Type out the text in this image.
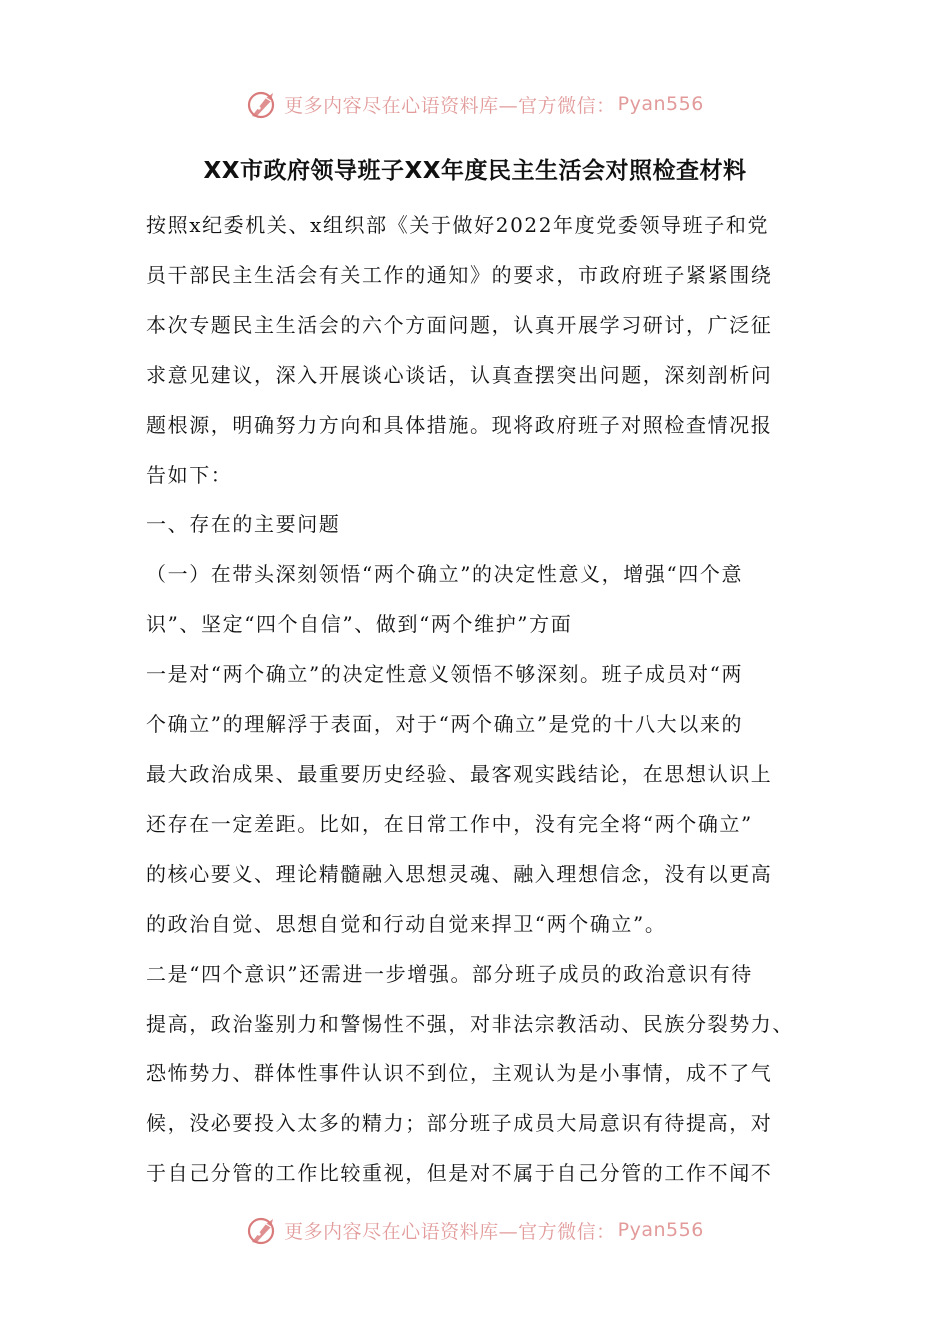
更多内容尽在心语资料库—官方微信： Pyan556
XX市政府领导班子XX年度民主生活会对照检查材料

按照x纪委机关、x组织部《关于做好2022年度党委领导班子和党

员干部民主生活会有关工作的通知》的要求，市政府班子紧紧围绕

本次专题民主生活会的六个方面问题，认真开展学习研讨，广泛征

求意见建议，深入开展谈心谈话，认真查摆突出问题，深刻剖析问

题根源，明确努力方向和具体措施。现将政府班子对照检查情况报

告如下：

一、存在的主要问题

（一）在带头深刻领悟“两个确立”的决定性意义，增强“四个意

识”、坚定“四个自信”、做到“两个维护”方面

一是对“两个确立”的决定性意义领悟不够深刻。班子成员对“两

个确立”的理解浮于表面，对于“两个确立”是党的十八大以来的

最大政治成果、最重要历史经验、最客观实践结论，在思想认识上

还存在一定差距。比如，在日常工作中，没有完全将“两个确立”

的核心要义、理论精髓融入思想灵魂、融入理想信念，没有以更高

的政治自觉、思想自觉和行动自觉来捍卫“两个确立”。

二是“四个意识”还需进一步增强。部分班子成员的政治意识有待

提高，政治鉴别力和警惕性不强，对非法宗教活动、民族分裂势力、

恐怖势力、群体性事件认识不到位，主观认为是小事情，成不了气

候，没必要投入太多的精力；部分班子成员大局意识有待提高，对

于自己分管的工作比较重视，但是对不属于自己分管的工作不闻不

更多内容尽在心语资料库—官方微信： Pyan556
